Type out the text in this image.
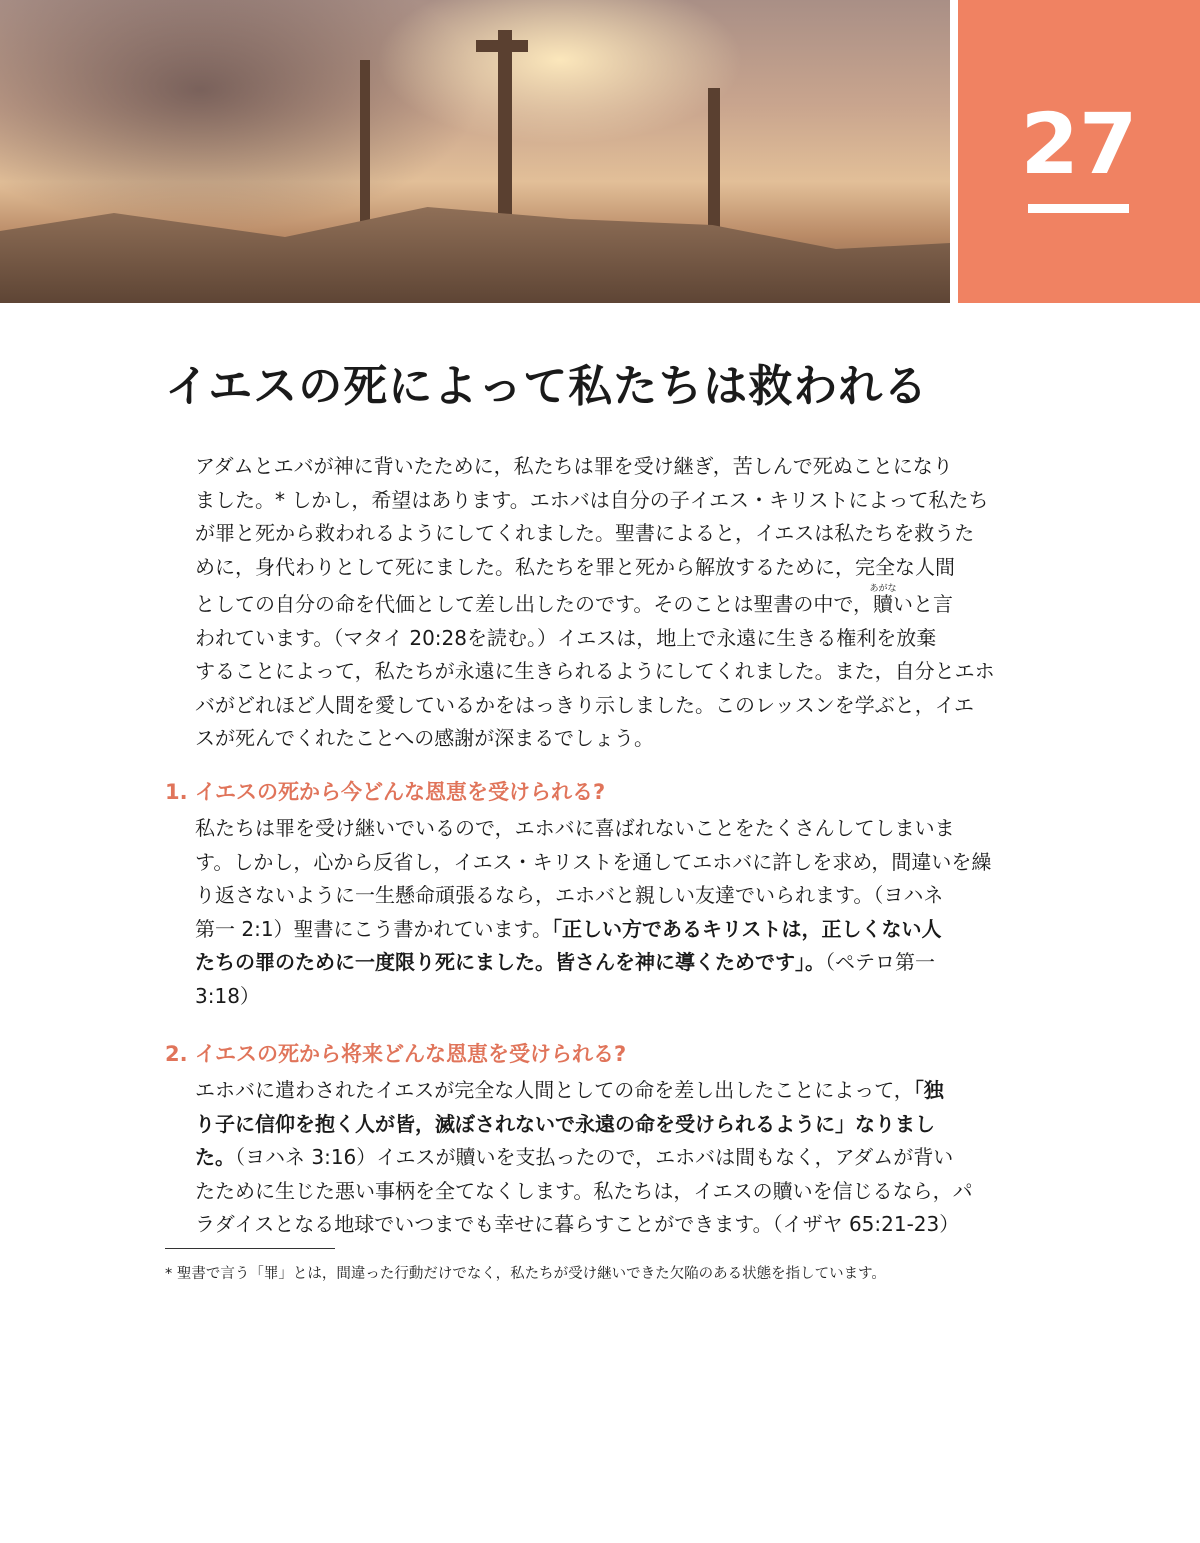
27
イエスの死によって私たちは救われる
アダムとエバが神に背いたために，私たちは罪を受け継ぎ，苦しんで死ぬことになり
ました。* しかし，希望はあります。エホバは自分の子イエス・キリストによって私たち
が罪と死から救われるようにしてくれました。聖書によると，イエスは私たちを救うた
めに，身代わりとして死にました。私たちを罪と死から解放するために，完全な人間
としての自分の命を代価として差し出したのです。そのことは聖書の中で，贖あがないと言
われています。（マタイ 20:28を読む。）イエスは，地上で永遠に生きる権利を放棄
することによって，私たちが永遠に生きられるようにしてくれました。また，自分とエホ
バがどれほど人間を愛しているかをはっきり示しました。このレッスンを学ぶと，イエ
スが死んでくれたことへの感謝が深まるでしょう。
1. イエスの死から今どんな恩恵を受けられる?
私たちは罪を受け継いでいるので，エホバに喜ばれないことをたくさんしてしまいま
す。しかし，心から反省し，イエス・キリストを通してエホバに許しを求め，間違いを繰
り返さないように一生懸命頑張るなら，エホバと親しい友達でいられます。（ヨハネ
第一 2:1）聖書にこう書かれています。「正しい方であるキリストは，正しくない人
たちの罪のために一度限り死にました。皆さんを神に導くためです」。（ペテロ第一
3:18）
2. イエスの死から将来どんな恩恵を受けられる?
エホバに遣わされたイエスが完全な人間としての命を差し出したことによって，「独
り子に信仰を抱く人が皆，滅ぼされないで永遠の命を受けられるように」なりまし
た。（ヨハネ 3:16）イエスが贖いを支払ったので，エホバは間もなく，アダムが背い
たために生じた悪い事柄を全てなくします。私たちは，イエスの贖いを信じるなら，パ
ラダイスとなる地球でいつまでも幸せに暮らすことができます。（イザヤ 65:21-23）
* 聖書で言う「罪」とは，間違った行動だけでなく，私たちが受け継いできた欠陥のある状態を指しています。
